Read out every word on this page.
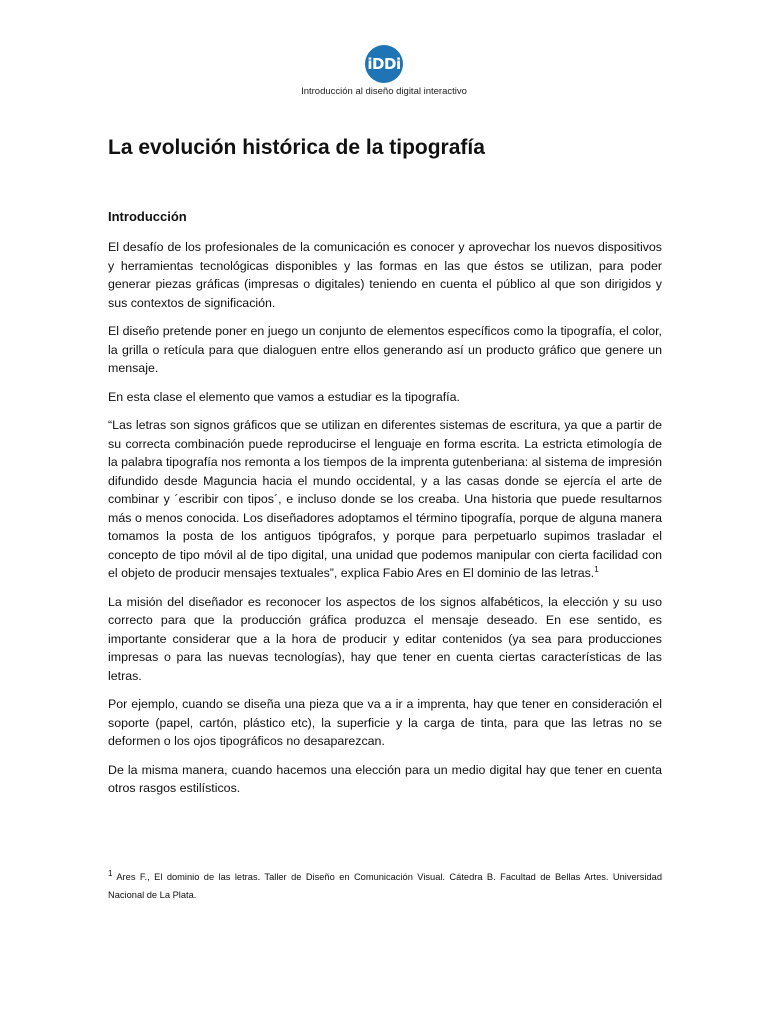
iDDi
Introducción al diseño digital interactivo
La evolución histórica de la tipografía
Introducción

El desafío de los profesionales de la comunicación es conocer y aprovechar los nuevos dispositivos y herramientas tecnológicas disponibles y las formas en las que éstos se utilizan, para poder generar piezas gráficas (impresas o digitales) teniendo en cuenta el público al que son dirigidos y sus contextos de significación.

El diseño pretende poner en juego un conjunto de elementos específicos como la tipografía, el color, la grilla o retícula para que dialoguen entre ellos generando así un producto gráfico que genere un mensaje.

En esta clase el elemento que vamos a estudiar es la tipografía.

“Las letras son signos gráficos que se utilizan en diferentes sistemas de escritura, ya que a partir de su correcta combinación puede reproducirse el lenguaje en forma escrita. La estricta etimología de la palabra tipografía nos remonta a los tiempos de la imprenta gutenberiana: al sistema de impresión difundido desde Maguncia hacia el mundo occidental, y a las casas donde se ejercía el arte de combinar y ´escribir con tipos´, e incluso donde se los creaba. Una historia que puede resultarnos más o menos conocida. Los diseñadores adoptamos el término tipografía, porque de alguna manera tomamos la posta de los antiguos tipógrafos, y porque para perpetuarlo supimos trasladar el concepto de tipo móvil al de tipo digital, una unidad que podemos manipular con cierta facilidad con el objeto de producir mensajes textuales”, explica Fabio Ares en El dominio de las letras.$^1$

La misión del diseñador es reconocer los aspectos de los signos alfabéticos, la elección y su uso correcto para que la producción gráfica produzca el mensaje deseado. En ese sentido, es importante considerar que a la hora de producir y editar contenidos (ya sea para producciones impresas o para las nuevas tecnologías), hay que tener en cuenta ciertas características de las letras.

Por ejemplo, cuando se diseña una pieza que va a ir a imprenta, hay que tener en consideración el soporte (papel, cartón, plástico etc), la superficie y la carga de tinta, para que las letras no se deformen o los ojos tipográficos no desaparezcan.

De la misma manera, cuando hacemos una elección para un medio digital hay que tener en cuenta otros rasgos estilísticos.

$^1$ Ares F., El dominio de las letras. Taller de Diseño en Comunicación Visual. Cátedra B. Facultad de Bellas Artes. Universidad Nacional de La Plata.
